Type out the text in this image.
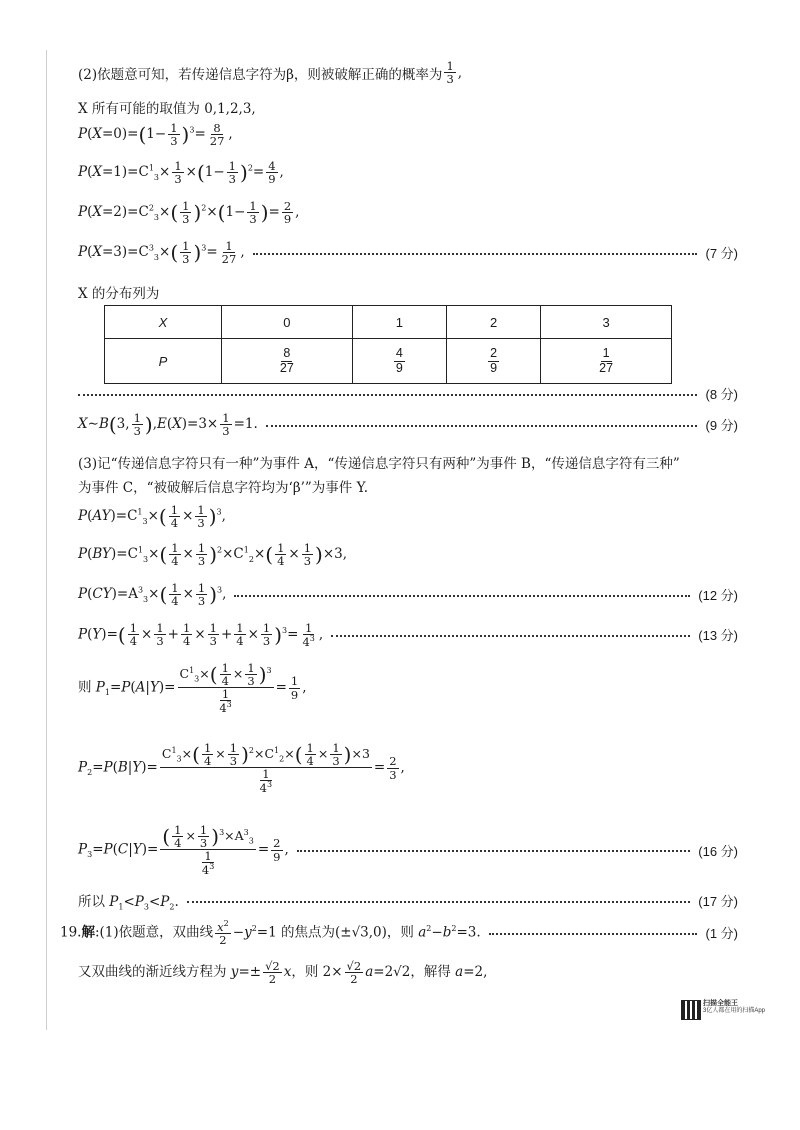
(2)依题意可知，若传递信息字符为β，则被破解正确的概率为 $\frac{1}{3}$ ,
X 所有可能的取值为 0,1,2,3,
$P(X=0)=(1- \frac{1}{3} )^3= \frac{8}{27}$ ,
$P(X=1)=C^1_3\times \frac{1}{3} \times(1- \frac{1}{3} )^2= \frac{4}{9}$ ,
$P(X=2)=C^2_3\times( \frac{1}{3} )^2\times(1- \frac{1}{3}$ )= $\frac{2}{9}$ ,
$P(X=3)=C^3_3\times( \frac{1}{3} )^3= \frac{1}{27}$ ,	(7 分)
X 的分布列为
X	0	1	2	3
P	$\frac{8}{27}$	$\frac{4}{9}$	$\frac{2}{9}$	$\frac{1}{27}$
(8 分)
X∼B(3, $\frac{1}{3} ),E(X)=3\times \frac{1}{3} =1$.	(9 分)
(3)记“传递信息字符只有一种”为事件 A，“传递信息字符只有两种”为事件 B，“传递信息字符有三种”
为事件 C，“被破解后信息字符均为‘β’”为事件 Y.
$P(AY)=C^1_3\times( \frac{1}{4} \times \frac{1}{3} )^3$,
$P(BY)=C^1_3\times( \frac{1}{4} \times \frac{1}{3} )^2\times C^1_2\times( \frac{1}{4} \times \frac{1}{3} )\times 3$,
$P(CY)=A^3_3\times( \frac{1}{4} \times \frac{1}{3} )^3$,	(12 分)
$P(Y)=( \frac{1}{4} \times \frac{1}{3} + \frac{1}{4} \times \frac{1}{3} + \frac{1}{4} \times \frac{1}{3} )^3= \frac{1}{4^3}$ ,	(13 分)
则 $P_1=P(A|Y)= \frac{C^1_3\times( \frac{1}{4} \times \frac{1}{3} )^3}{\frac{1}{4^3}} = \frac{1}{9}$ ,
$P_2=P(B|Y)= \frac{C^1_3\times( \frac{1}{4} \times \frac{1}{3} )^2\times C^1_2\times( \frac{1}{4} \times \frac{1}{3} )\times 3}{\frac{1}{4^3}} = \frac{2}{3}$ ,
$P_3=P(C|Y)= \frac{( \frac{1}{4} \times \frac{1}{3} )^3\times A^3_3}{\frac{1}{4^3}} = \frac{2}{9}$ ,	(16 分)
所以 $P_1<P_3<P_2$.	(17 分)
19.解:(1)依题意，双曲线 $\frac{x^2}{2} -y^2=1$ 的焦点为(±√3,0)，则 $a^2-b^2=3$.	(1 分)
又双曲线的渐近线方程为 $y=\pm \frac{√2}{2}$ x，则 $2\times \frac{√2}{2} a=2√2$，解得 a=2,
扫描全能王
3亿人都在用的扫描App
